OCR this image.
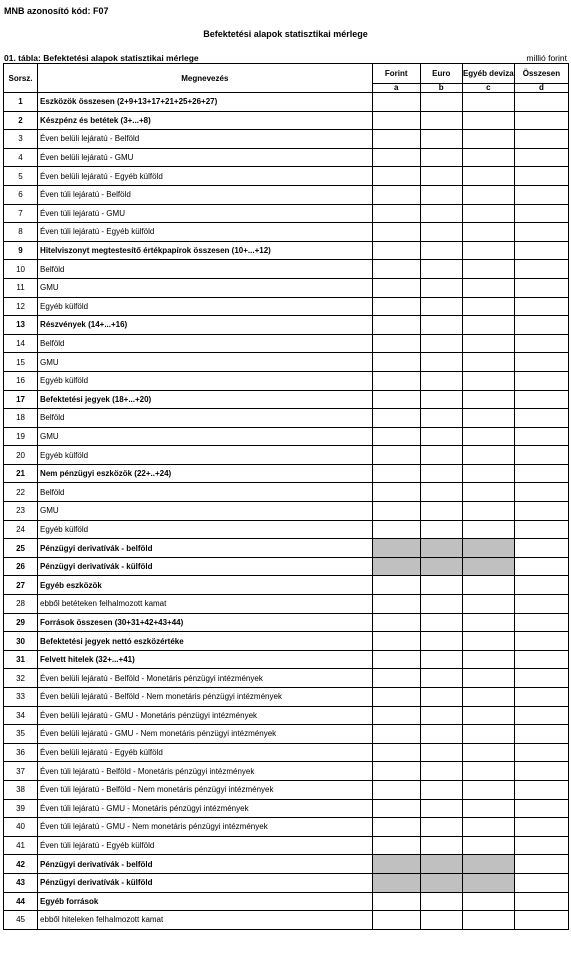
MNB azonosító kód: F07
Befektetési alapok statisztikai mérlege
01. tábla: Befektetési alapok statisztikai mérlege	millió forint
Sorsz.	Megnevezés	Forint	Euro	Egyéb deviza	Összesen
		a	b	c	d
1	Eszközök összesen (2+9+13+17+21+25+26+27)				
2	Készpénz és betétek (3+...+8)				
3	Éven belüli lejáratú - Belföld				
4	Éven belüli lejáratú - GMU				
5	Éven belüli lejáratú - Egyéb külföld				
6	Éven túli lejáratú - Belföld				
7	Éven túli lejáratú - GMU				
8	Éven túli lejáratú - Egyéb külföld				
9	Hitelviszonyt megtestesítő értékpapírok összesen (10+...+12)				
10	Belföld				
11	GMU				
12	Egyéb külföld				
13	Részvények (14+...+16)				
14	Belföld				
15	GMU				
16	Egyéb külföld				
17	Befektetési jegyek (18+...+20)				
18	Belföld				
19	GMU				
20	Egyéb külföld				
21	Nem pénzügyi eszközök (22+..+24)				
22	Belföld				
23	GMU				
24	Egyéb külföld				
25	Pénzügyi derivatívák - belföld				
26	Pénzügyi derivatívák - külföld				
27	Egyéb eszközök				
28	ebből betéteken felhalmozott kamat				
29	Források összesen (30+31+42+43+44)				
30	Befektetési jegyek nettó eszközértéke				
31	Felvett hitelek (32+...+41)				
32	Éven belüli lejáratú - Belföld - Monetáris pénzügyi intézmények				
33	Éven belüli lejáratú - Belföld - Nem monetáris pénzügyi intézmények				
34	Éven belüli lejáratú - GMU - Monetáris pénzügyi intézmények				
35	Éven belüli lejáratú - GMU - Nem monetáris pénzügyi intézmények				
36	Éven belüli lejáratú - Egyéb külföld				
37	Éven túli lejáratú - Belföld - Monetáris pénzügyi intézmények				
38	Éven túli lejáratú - Belföld - Nem monetáris pénzügyi intézmények				
39	Éven túli lejáratú - GMU - Monetáris pénzügyi intézmények				
40	Éven túli lejáratú - GMU - Nem monetáris pénzügyi intézmények				
41	Éven túli lejáratú - Egyéb külföld				
42	Pénzügyi derivatívák - belföld				
43	Pénzügyi derivatívák - külföld				
44	Egyéb források				
45	ebből hiteleken felhalmozott kamat				
